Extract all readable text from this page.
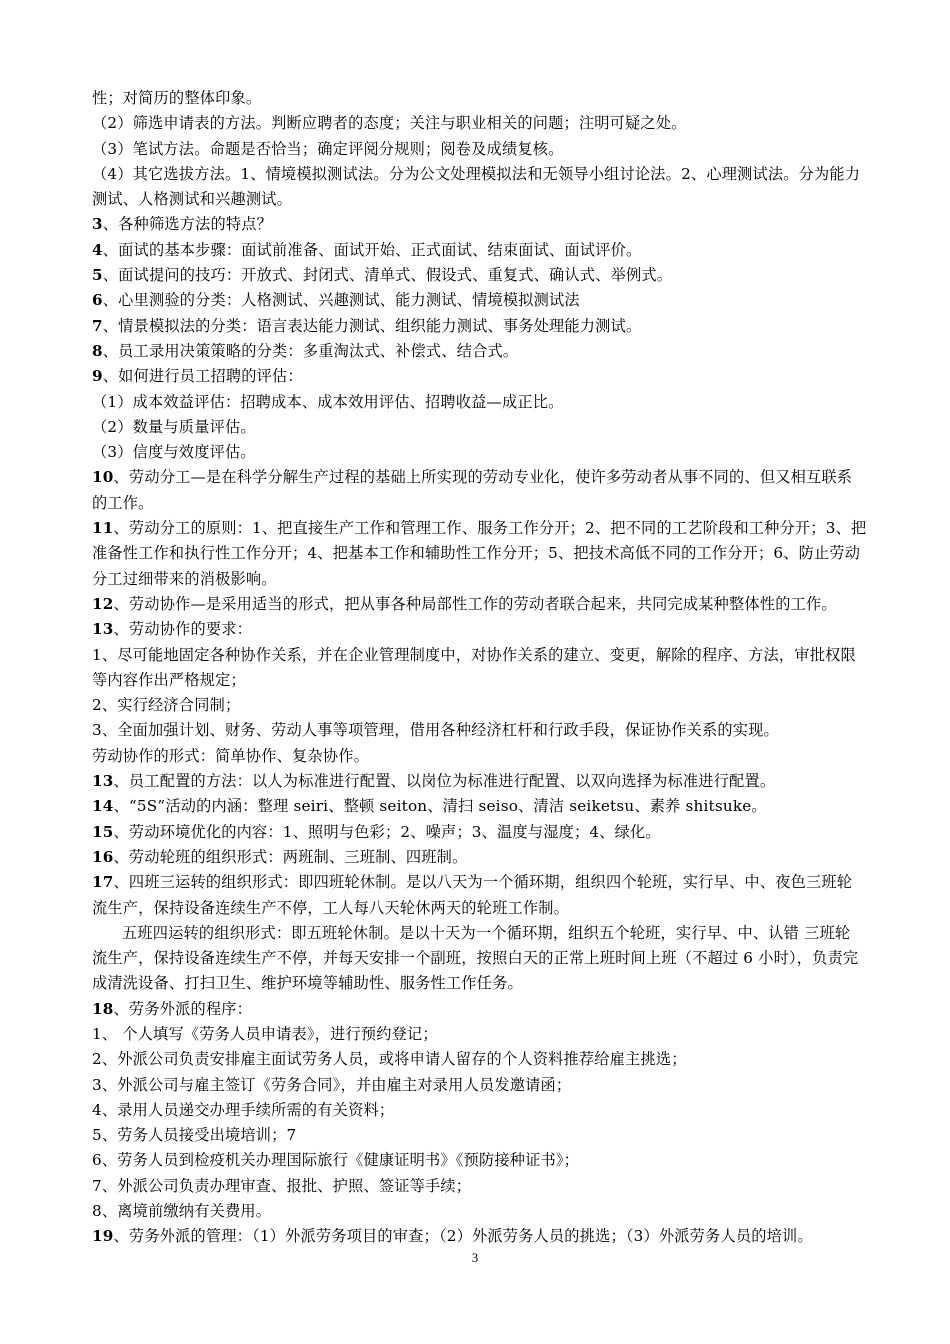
性；对简历的整体印象。
（2）筛选申请表的方法。判断应聘者的态度；关注与职业相关的问题；注明可疑之处。
（3）笔试方法。命题是否恰当；确定评阅分规则；阅卷及成绩复核。
（4）其它选拔方法。1、情境模拟测试法。分为公文处理模拟法和无领导小组讨论法。2、心理测试法。分为能力
测试、人格测试和兴趣测试。
3、各种筛选方法的特点？
4、面试的基本步骤：面试前准备、面试开始、正式面试、结束面试、面试评价。
5、面试提问的技巧：开放式、封闭式、清单式、假设式、重复式、确认式、举例式。
6、心里测验的分类：人格测试、兴趣测试、能力测试、情境模拟测试法
7、情景模拟法的分类：语言表达能力测试、组织能力测试、事务处理能力测试。
8、员工录用决策策略的分类：多重淘汰式、补偿式、结合式。
9、如何进行员工招聘的评估：
（1）成本效益评估：招聘成本、成本效用评估、招聘收益—成正比。
（2）数量与质量评估。
（3）信度与效度评估。
10、劳动分工—是在科学分解生产过程的基础上所实现的劳动专业化，使许多劳动者从事不同的、但又相互联系
的工作。
11、劳动分工的原则：1、把直接生产工作和管理工作、服务工作分开；2、把不同的工艺阶段和工种分开；3、把
准备性工作和执行性工作分开；4、把基本工作和辅助性工作分开；5、把技术高低不同的工作分开；6、防止劳动
分工过细带来的消极影响。
12、劳动协作—是采用适当的形式，把从事各种局部性工作的劳动者联合起来，共同完成某种整体性的工作。
13、劳动协作的要求：
1、尽可能地固定各种协作关系，并在企业管理制度中，对协作关系的建立、变更，解除的程序、方法，审批权限
等内容作出严格规定；
2、实行经济合同制；
3、全面加强计划、财务、劳动人事等项管理，借用各种经济杠杆和行政手段，保证协作关系的实现。
劳动协作的形式：简单协作、复杂协作。
13、员工配置的方法：以人为标准进行配置、以岗位为标准进行配置、以双向选择为标准进行配置。
14、“5S”活动的内涵：整理 seiri、整顿 seiton、清扫 seiso、清洁 seiketsu、素养 shitsuke。
15、劳动环境优化的内容：1、照明与色彩；2、噪声；3、温度与湿度；4、绿化。
16、劳动轮班的组织形式：两班制、三班制、四班制。
17、四班三运转的组织形式：即四班轮休制。是以八天为一个循环期，组织四个轮班，实行早、中、夜色三班轮
流生产，保持设备连续生产不停，工人每八天轮休两天的轮班工作制。
五班四运转的组织形式：即五班轮休制。是以十天为一个循环期，组织五个轮班，实行早、中、认错 三班轮
流生产，保持设备连续生产不停，并每天安排一个副班，按照白天的正常上班时间上班（不超过 6 小时），负责完
成清洗设备、打扫卫生、维护环境等辅助性、服务性工作任务。
18、劳务外派的程序：
1、 个人填写《劳务人员申请表》，进行预约登记；
2、外派公司负责安排雇主面试劳务人员，或将申请人留存的个人资料推荐给雇主挑选；
3、外派公司与雇主签订《劳务合同》，并由雇主对录用人员发邀请函；
4、录用人员递交办理手续所需的有关资料；
5、劳务人员接受出境培训；7
6、劳务人员到检疫机关办理国际旅行《健康证明书》《预防接种证书》；
7、外派公司负责办理审查、报批、护照、签证等手续；
8、离境前缴纳有关费用。
19、劳务外派的管理：（1）外派劳务项目的审查；（2）外派劳务人员的挑选；（3）外派劳务人员的培训。
3
